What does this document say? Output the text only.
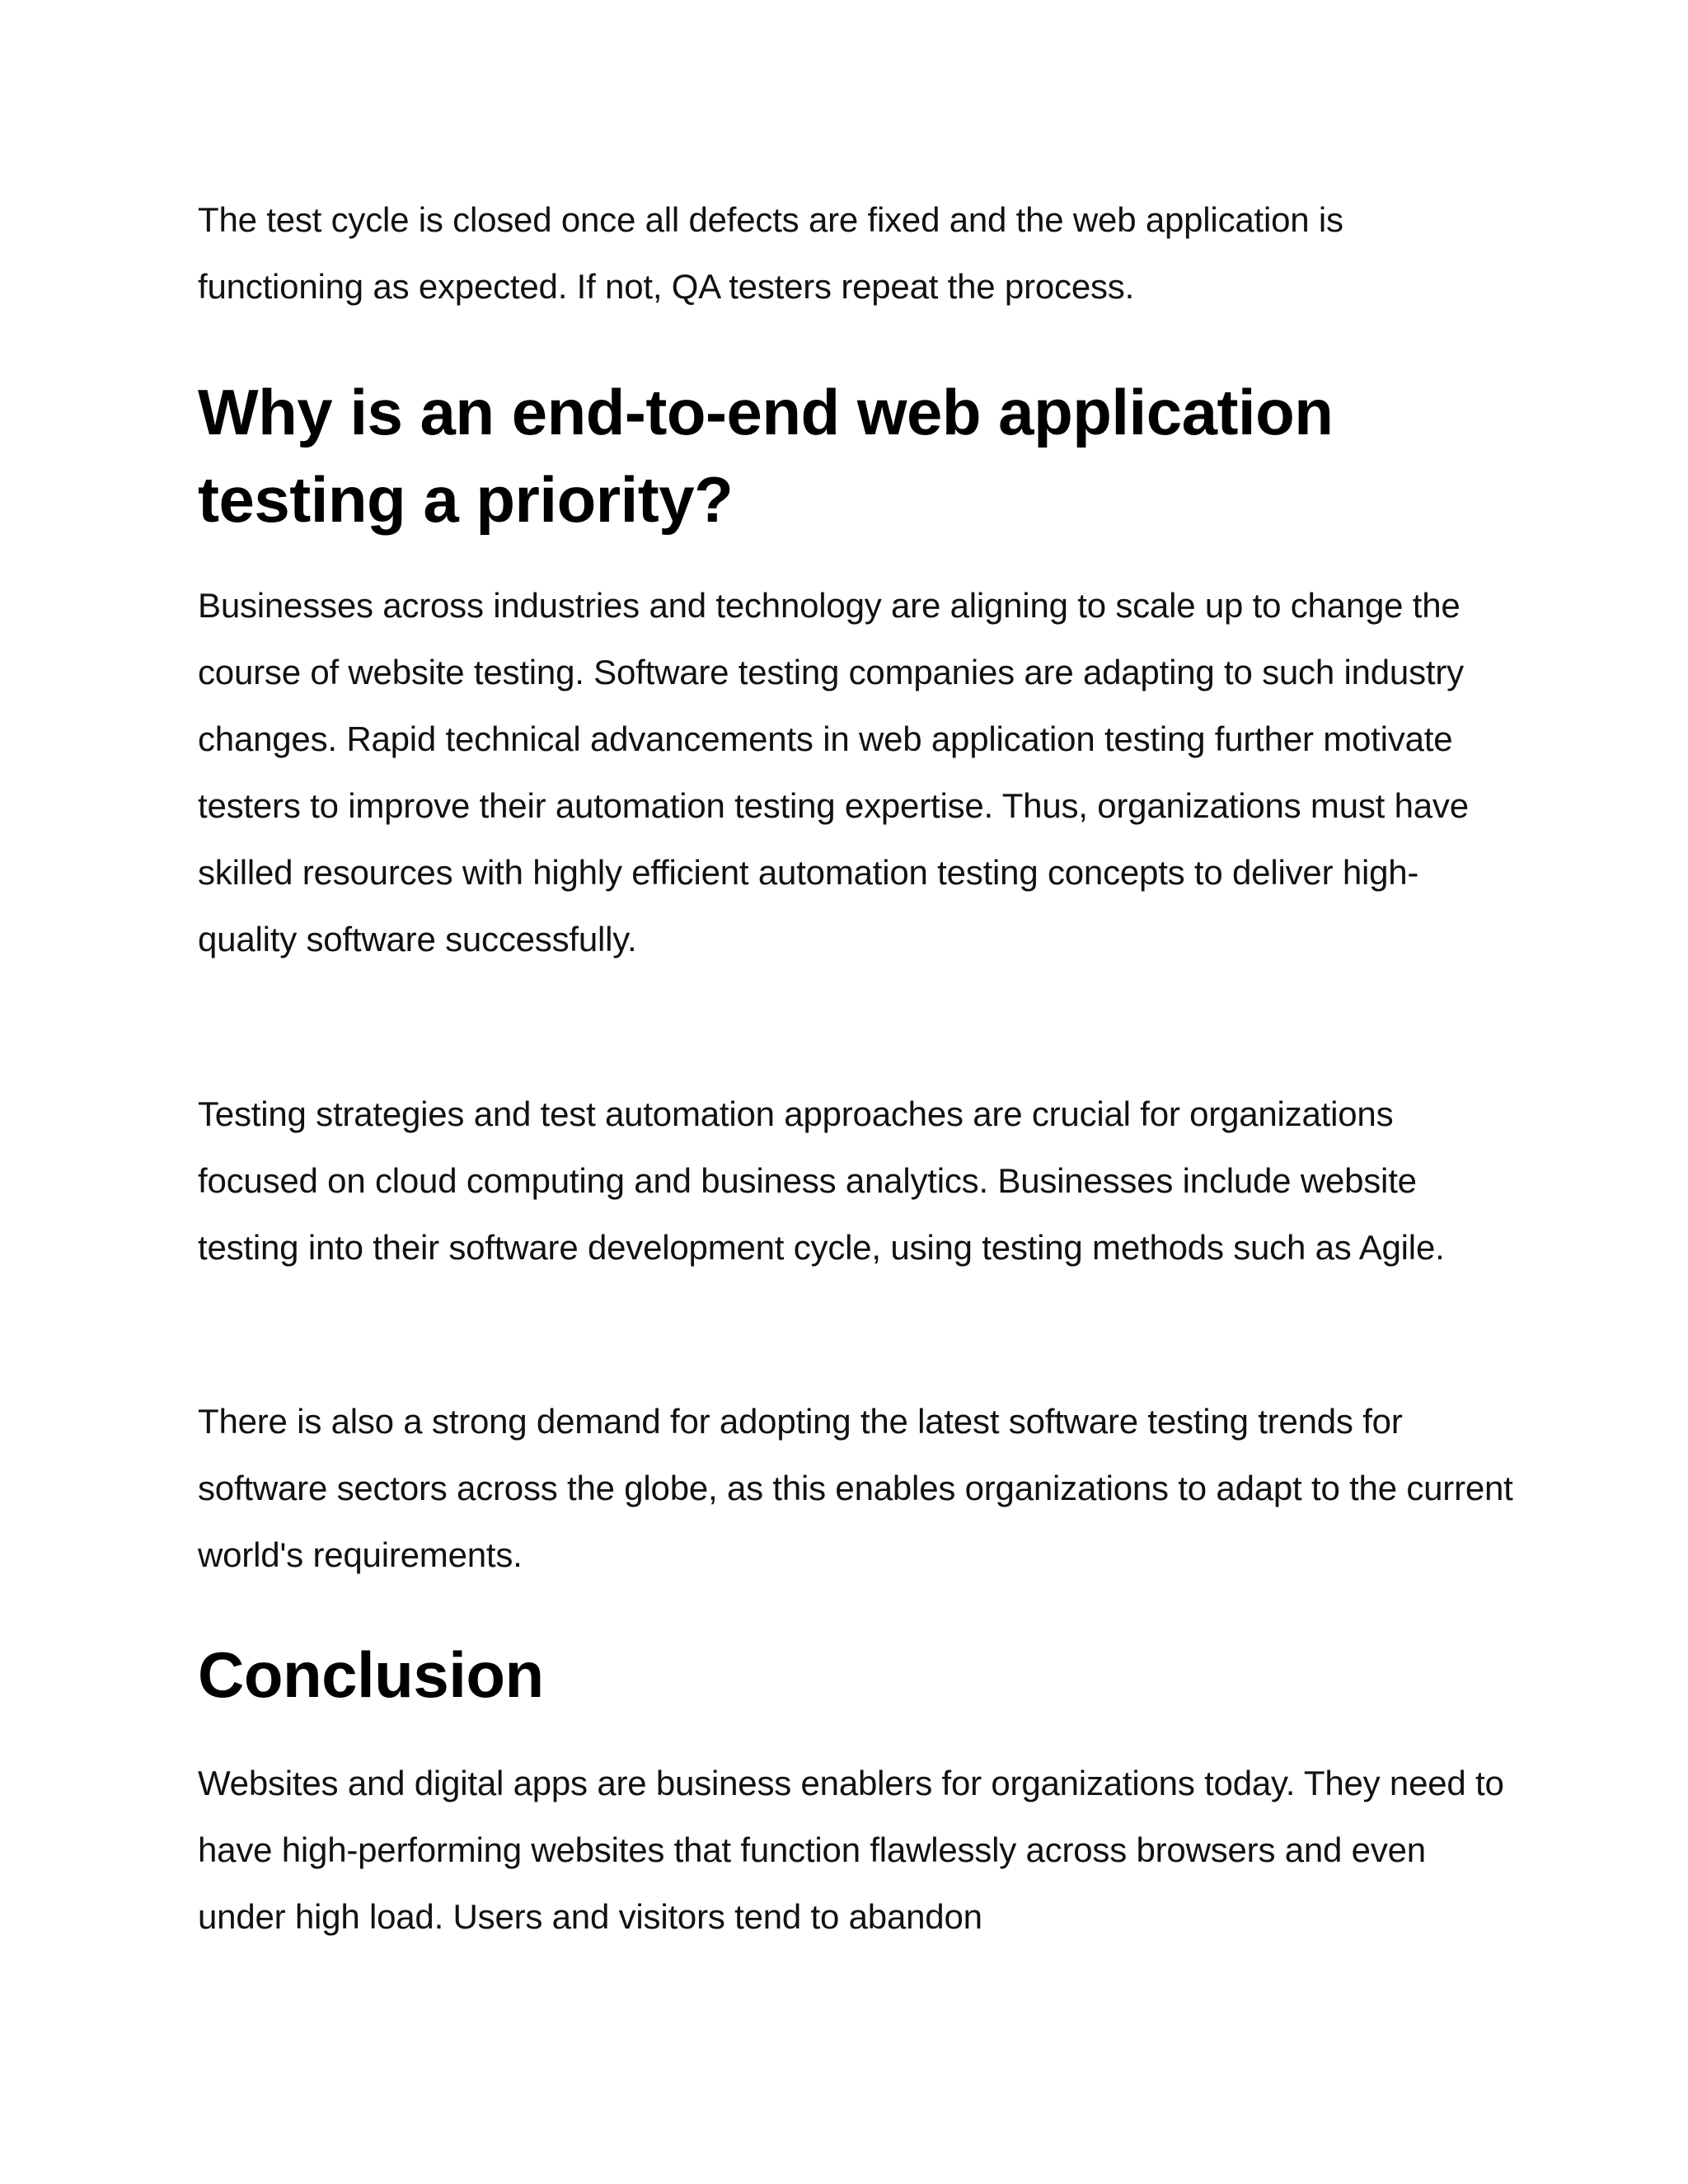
The test cycle is closed once all defects are fixed and the web application is functioning as expected. If not, QA testers repeat the process.

Why is an end-to-end web application testing a priority?

Businesses across industries and technology are aligning to scale up to change the course of website testing. Software testing companies are adapting to such industry changes. Rapid technical advancements in web application testing further motivate testers to improve their automation testing expertise. Thus, organizations must have skilled resources with highly efficient automation testing concepts to deliver high-quality software successfully.

Testing strategies and test automation approaches are crucial for organizations focused on cloud computing and business analytics. Businesses include website testing into their software development cycle, using testing methods such as Agile.

There is also a strong demand for adopting the latest software testing trends for software sectors across the globe, as this enables organizations to adapt to the current world's requirements.

Conclusion

Websites and digital apps are business enablers for organizations today. They need to have high-performing websites that function flawlessly across browsers and even under high load. Users and visitors tend to abandon
